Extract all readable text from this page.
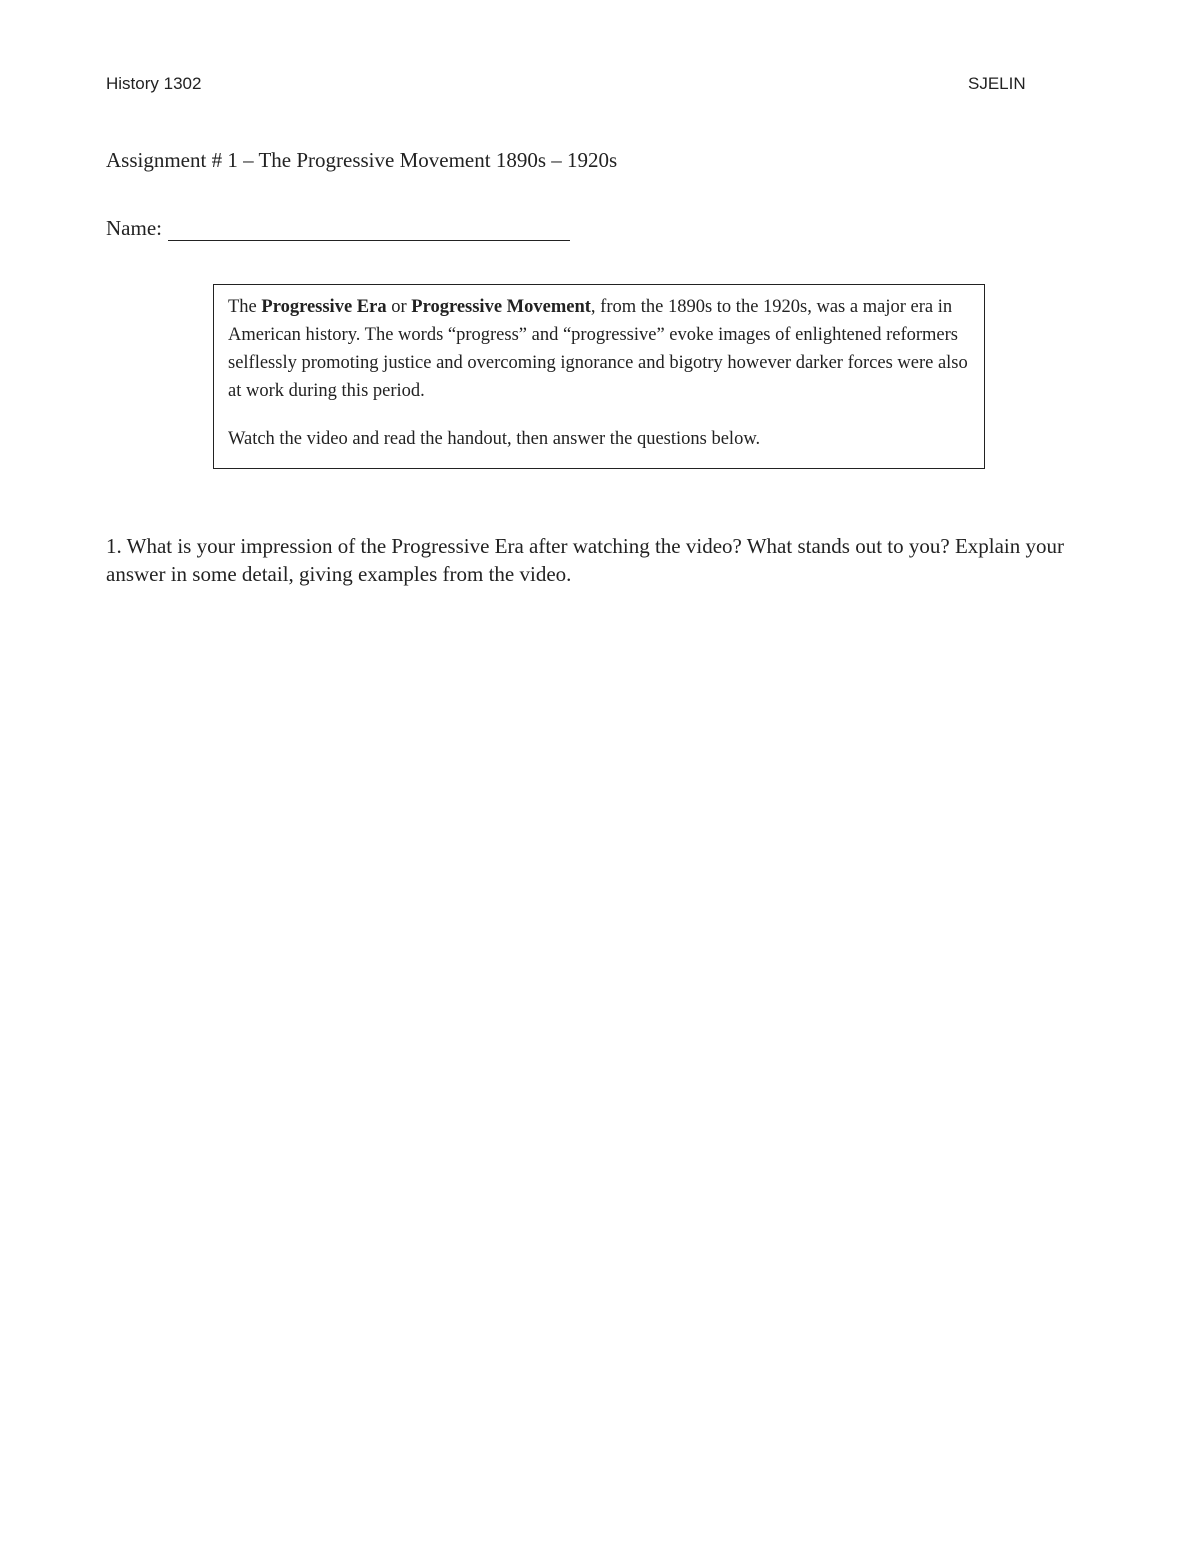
History 1302	SJELIN
Assignment # 1 – The Progressive Movement 1890s – 1920s
Name:

The Progressive Era or Progressive Movement, from the 1890s to the 1920s, was a major era in American history. The words “progress” and “progressive” evoke images of enlightened reformers selflessly promoting justice and overcoming ignorance and bigotry however darker forces were also at work during this period.

Watch the video and read the handout, then answer the questions below.

1. What is your impression of the Progressive Era after watching the video? What stands out to you? Explain your answer in some detail, giving examples from the video.
